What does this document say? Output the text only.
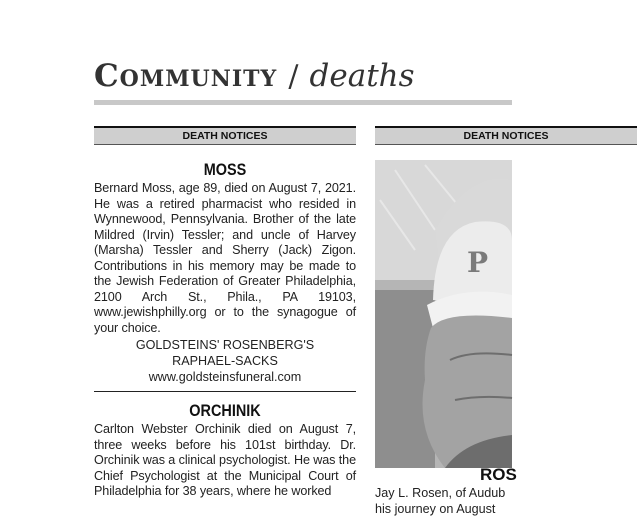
Community / deaths
DEATH NOTICES
MOSS
Bernard Moss, age 89, died on August 7, 2021. He was a retired pharmacist who resided in Wynnewood, Pennsylvania. Brother of the late Mildred (Irvin) Tessler; and uncle of Harvey (Marsha) Tessler and Sherry (Jack) Zigon. Contributions in his memory may be made to the Jewish Federation of Greater Philadelphia, 2100 Arch St., Phila., PA 19103, www.jewishphilly.org or to the synagogue of your choice.
GOLDSTEINS' ROSENBERG'S
RAPHAEL-SACKS
www.goldsteinsfuneral.com
ORCHINIK
Carlton Webster Orchinik died on August 7, three weeks before his 101st birthday. Dr. Orchinik was a clinical psychologist. He was the Chief Psychologist at the Municipal Court of Philadelphia for 38 years, where he worked
DEATH NOTICES
P
ROS
Jay L. Rosen, of Audub
his journey on August
